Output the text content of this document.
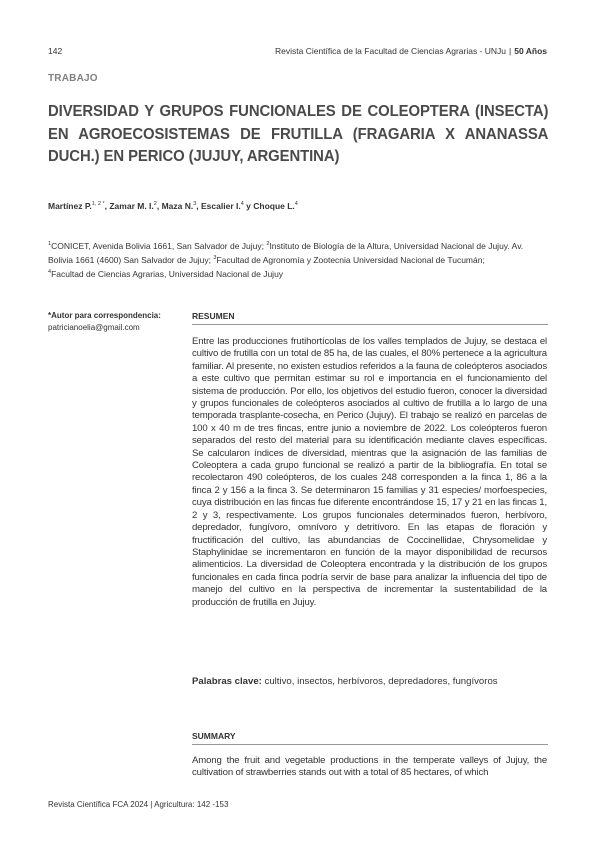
142	Revista Científica de la Facultad de Ciencias Agrarias - UNJu | 50 Años
TRABAJO
DIVERSIDAD Y GRUPOS FUNCIONALES DE COLEOPTERA (INSECTA) EN AGROECOSISTEMAS DE FRUTILLA (FRAGARIA X ANANASSA DUCH.) EN PERICO (JUJUY, ARGENTINA)
Martínez P.$^{1, 2 *}$, Zamar M. I.$^2$, Maza N.$^3$, Escalier I.$^4$ y Choque L.$^4$
$^1$CONICET, Avenida Bolivia 1661, San Salvador de Jujuy; $^2$Instituto de Biología de la Altura, Universidad Nacional de Jujuy. Av. Bolivia 1661 (4600) San Salvador de Jujuy; $^3$Facultad de Agronomía y Zootecnia Universidad Nacional de Tucumán;
$^4$Facultad de Ciencias Agrarias, Universidad Nacional de Jujuy
*Autor para correspondencia:
patricianoelia@gmail.com
RESUMEN

Entre las producciones frutihortícolas de los valles templados de Jujuy, se destaca el cultivo de frutilla con un total de 85 ha, de las cuales, el 80% pertenece a la agricultura familiar. Al presente, no existen estudios referidos a la fauna de coleópteros asociados a este cultivo que permitan estimar su rol e importancia en el funcionamiento del sistema de producción. Por ello, los objetivos del estudio fueron, conocer la diversidad y grupos funcionales de coleópteros asociados al cultivo de frutilla a lo largo de una temporada trasplante-cosecha, en Perico (Jujuy). El trabajo se realizó en parcelas de 100 x 40 m de tres fincas, entre junio a noviembre de 2022. Los coleópteros fueron separados del resto del material para su identificación mediante claves específicas. Se calcularon índices de diversidad, mientras que la asignación de las familias de Coleoptera a cada grupo funcional se realizó a partir de la bibliografía. En total se recolectaron 490 coleópteros, de los cuales 248 corresponden a la finca 1, 86 a la finca 2 y 156 a la finca 3. Se determinaron 15 familias y 31 especies/ morfoespecies, cuya distribución en las fincas fue diferente encontrándose 15, 17 y 21 en las fincas 1, 2 y 3, respectivamente. Los grupos funcionales determinados fueron, herbívoro, depredador, fungívoro, omnívoro y detritívoro. En las etapas de floración y fructificación del cultivo, las abundancias de Coccinellidae, Chrysomelidae y Staphylinidae se incrementaron en función de la mayor disponibilidad de recursos alimenticios. La diversidad de Coleoptera encontrada y la distribución de los grupos funcionales en cada finca podría servir de base para analizar la influencia del tipo de manejo del cultivo en la perspectiva de incrementar la sustentabilidad de la producción de frutilla en Jujuy.

Palabras clave: cultivo, insectos, herbívoros, depredadores, fungívoros
SUMMARY

Among the fruit and vegetable productions in the temperate valleys of Jujuy, the cultivation of strawberries stands out with a total of 85 hectares, of which

Revista Científica FCA 2024 | Agricultura: 142 -153
